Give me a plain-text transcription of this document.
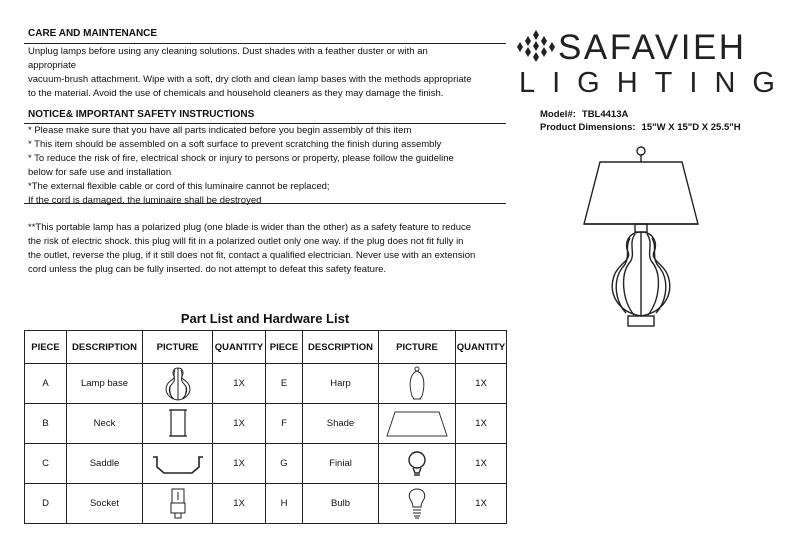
CARE AND MAINTENANCE
Unplug lamps before using any cleaning solutions. Dust shades with a feather duster or with an
appropriate
vacuum-brush attachment. Wipe with a soft, dry cloth and clean lamp bases with the methods appropriate
to the material. Avoid the use of chemicals and household cleaners as they may damage the finish.
NOTICE& IMPORTANT SAFETY INSTRUCTIONS
* Please make sure that you have all parts indicated before you begin assembly of this item
* This item should be assembled on a soft surface to prevent scratching the finish during assembly
* To reduce the risk of fire, electrical shock or injury to persons or property, please follow the guideline
below for safe use and installation
*The external flexible cable or cord of this luminaire cannot be replaced;
If the cord is damaged, the luminaire shall be destroyed
**This portable lamp has a polarized plug (one blade is wider than the other) as a safety feature to reduce
the risk of electric shock. this plug will fit in a polarized outlet only one way. if the plug does not fit fully in
the outlet, reverse the plug, if it still does not fit, contact a qualified electrician. Never use with an extension
cord unless the plug can be fully inserted. do not attempt to defeat this safety feature.
SAFAVIEH
LIGHTING
Model#: TBL4413A
Product Dimensions: 15"W X 15"D X 25.5"H
Part List and Hardware List
PIECE	DESCRIPTION	PICTURE	QUANTITY	PIECE	DESCRIPTION	PICTURE	QUANTITY
A	Lamp base		1X	E	Harp		1X
B	Neck		1X	F	Shade		1X
C	Saddle		1X	G	Finial		1X
D	Socket		1X	H	Bulb		1X
